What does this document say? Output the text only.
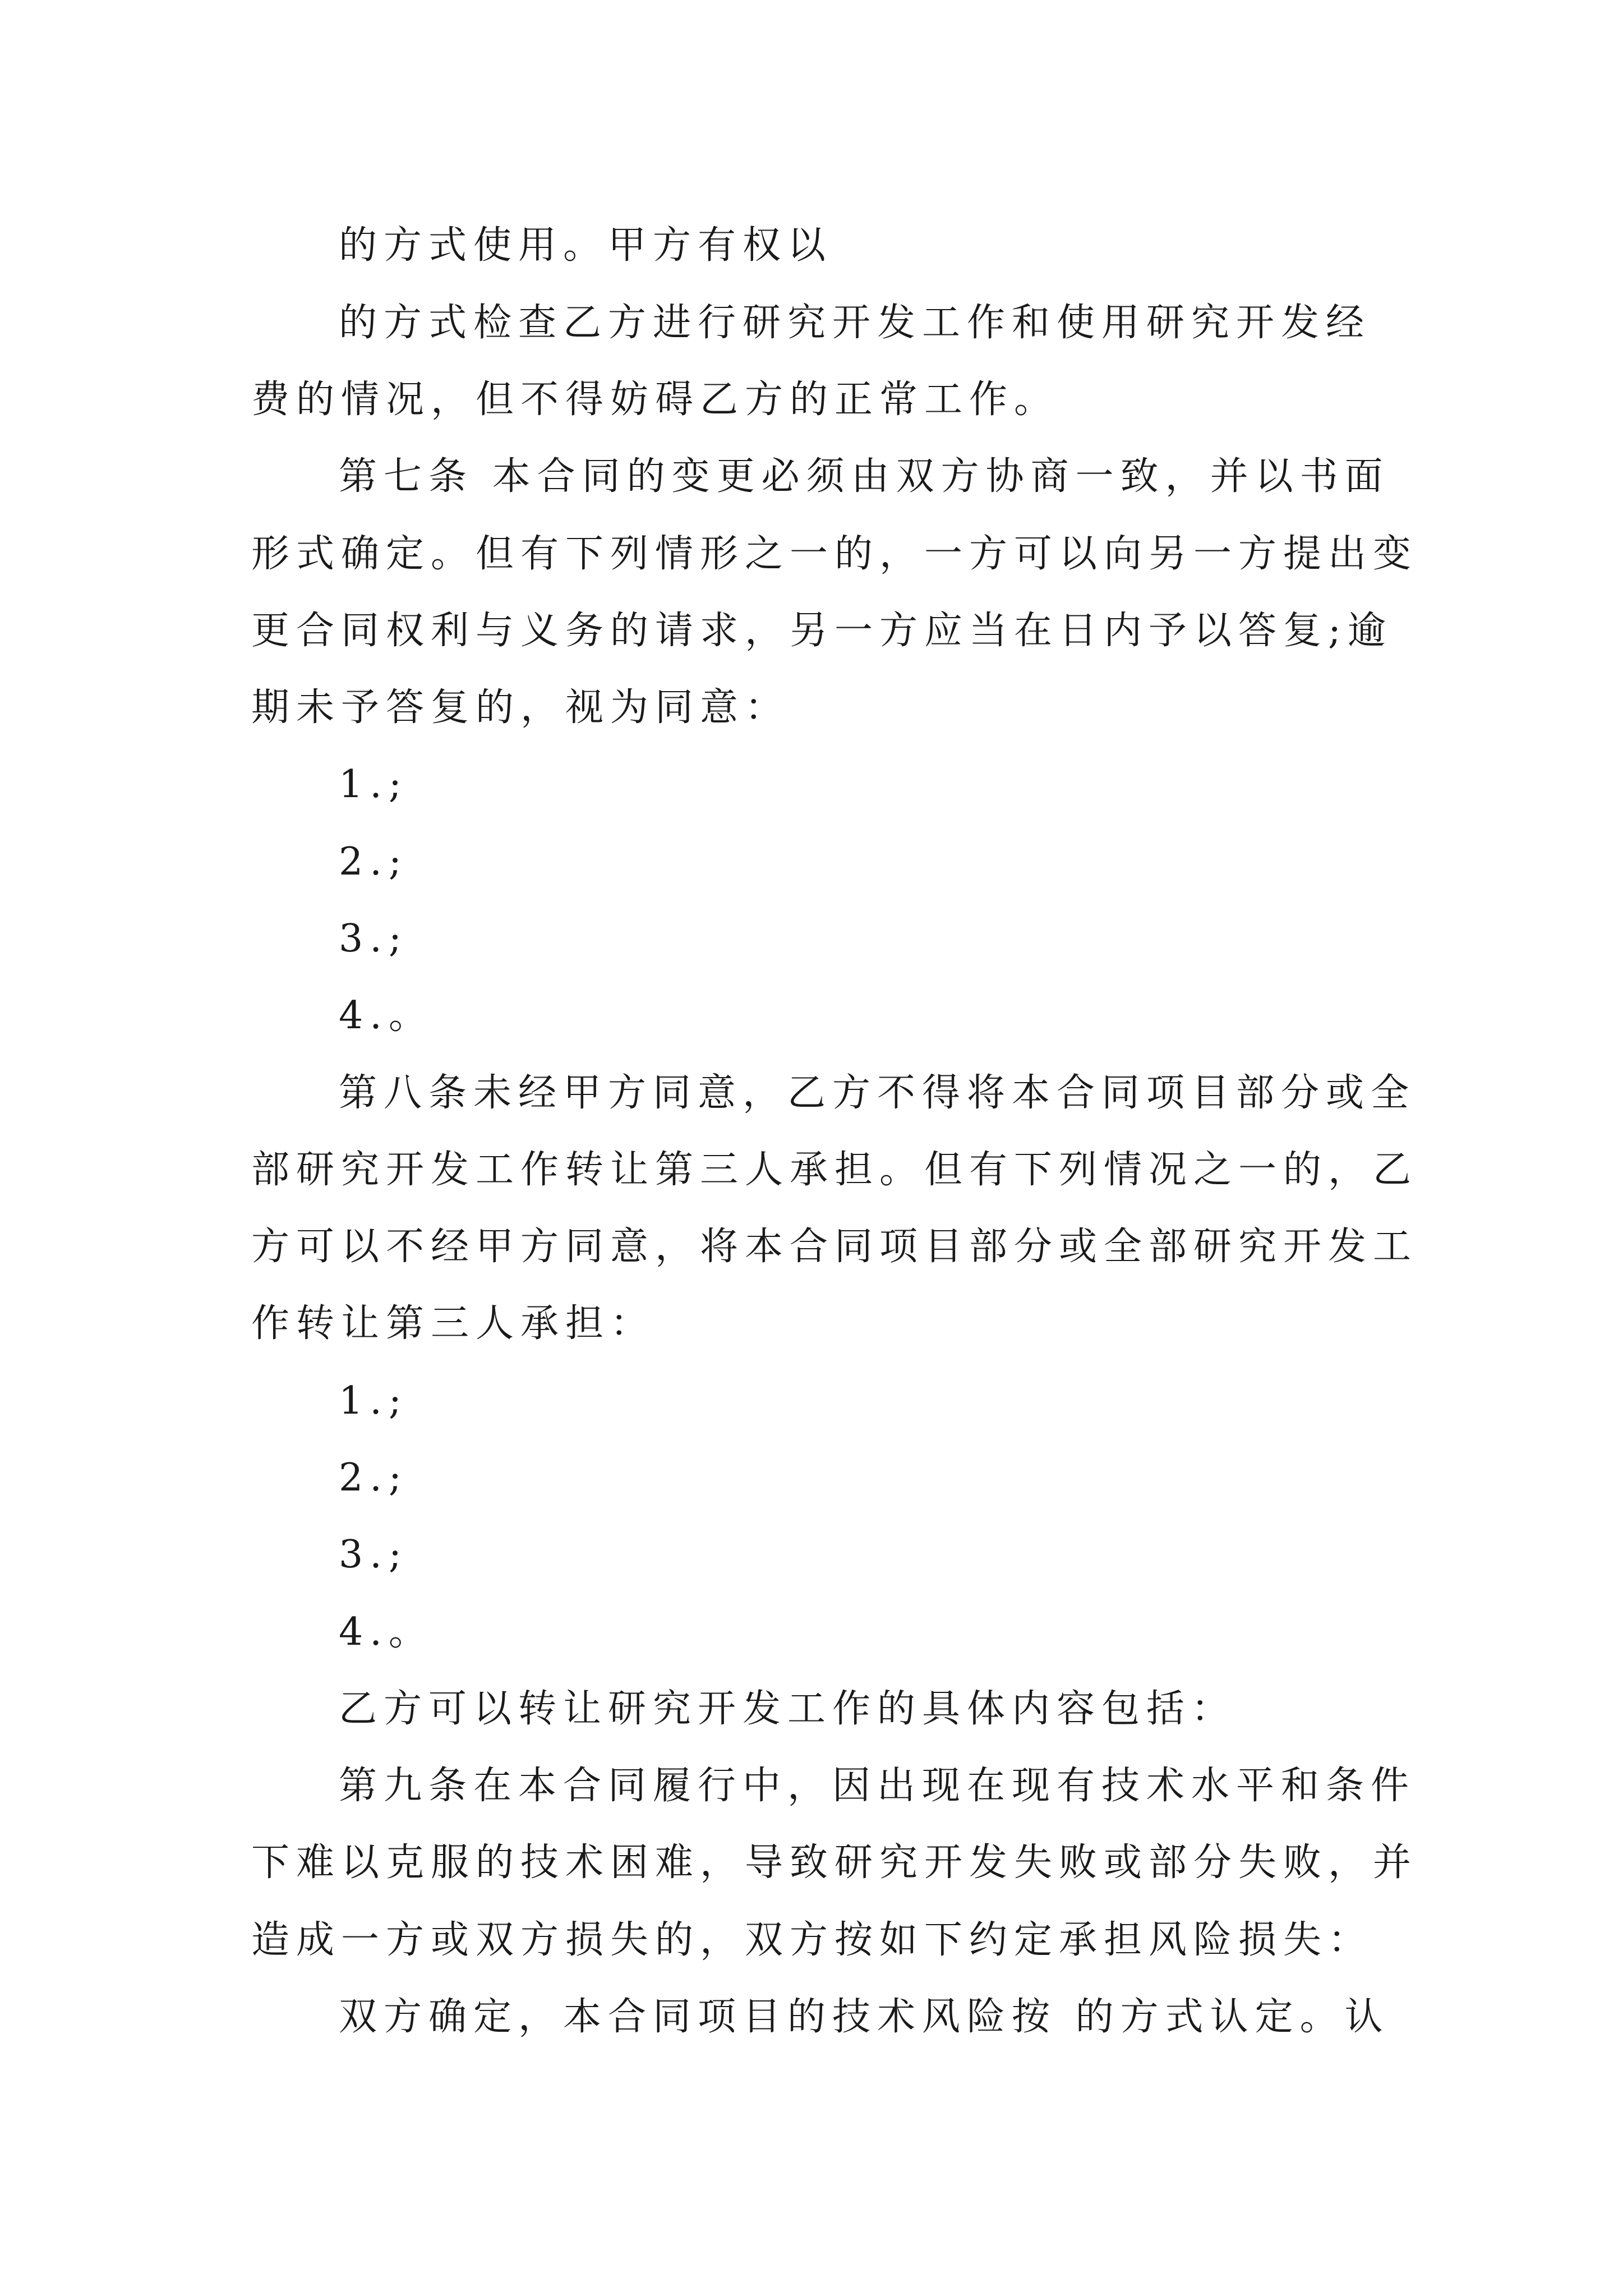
的方式使用。甲方有权以
的方式检查乙方进行研究开发工作和使用研究开发经
费的情况，但不得妨碍乙方的正常工作。
第七条 本合同的变更必须由双方协商一致，并以书面
形式确定。但有下列情形之一的，一方可以向另一方提出变
更合同权利与义务的请求，另一方应当在日内予以答复;逾
期未予答复的，视为同意：
1.;
2.;
3.;
4.。
第八条未经甲方同意，乙方不得将本合同项目部分或全
部研究开发工作转让第三人承担。但有下列情况之一的，乙
方可以不经甲方同意，将本合同项目部分或全部研究开发工
作转让第三人承担：
1.;
2.;
3.;
4.。
乙方可以转让研究开发工作的具体内容包括：
第九条在本合同履行中，因出现在现有技术水平和条件
下难以克服的技术困难，导致研究开发失败或部分失败，并
造成一方或双方损失的，双方按如下约定承担风险损失：
双方确定，本合同项目的技术风险按 的方式认定。认
